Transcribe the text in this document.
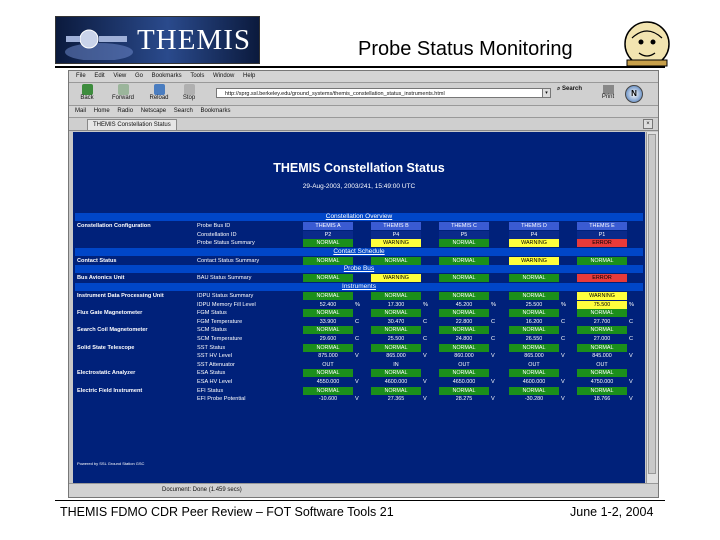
THEMIS	Probe Status Monitoring
File Edit View Go Bookmarks Tools Window Help
Back	Forward	Reload	Stop
http://sprg.ssl.berkeley.edu/ground_systems/themis_constellation_status_instruments.html	▾
⌕ Search
Print	N
Mail Home Radio Netscape Search Bookmarks
THEMIS Constellation Status	×
THEMIS Constellation Status
29-Aug-2003, 2003/241, 15:49:00 UTC
Constellation Overview
Constellation Configuration	Probe Bus ID	THEMIS A	THEMIS B	THEMIS C	THEMIS D	THEMIS E
Constellation ID	P2	P4	P5	P4	P1
Probe Status Summary	NORMAL	WARNING	NORMAL	WARNING	ERROR
Contact Schedule
Contact Status	Contact Status Summary	NORMAL	NORMAL	NORMAL	WARNING	NORMAL
Probe Bus
Bus Avionics Unit	BAU Status Summary	NORMAL	WARNING	NORMAL	NORMAL	ERROR
Instruments
Instrument Data Processing Unit	IDPU Status Summary	NORMAL	NORMAL	NORMAL	NORMAL	WARNING
IDPU Memory Fill Level	52.400	%	17.300	%	45.200	%	25.500	%	75.500	%
Flux Gate Magnetometer	FGM Status	NORMAL	NORMAL	NORMAL	NORMAL	NORMAL
FGM Temperature	33.900	C	30.470	C	22.800	C	16.200	C	27.700	C
Search Coil Magnetometer	SCM Status	NORMAL	NORMAL	NORMAL	NORMAL	NORMAL
SCM Temperature	29.600	C	25.500	C	24.800	C	26.550	C	27.000	C
Solid State Telescope	SST Status	NORMAL	NORMAL	NORMAL	NORMAL	NORMAL
SST HV Level	875.000	V	865.000	V	860.000	V	865.000	V	845.000	V
SST Attenuator	OUT	IN	OUT	OUT	OUT
Electrostatic Analyzer	ESA Status	NORMAL	NORMAL	NORMAL	NORMAL	NORMAL
ESA HV Level	4550.000	V	4600.000	V	4650.000	V	4600.000	V	4750.000	V
Electric Field Instrument	EFI Status	NORMAL	NORMAL	NORMAL	NORMAL	NORMAL
EFI Probe Potential	-10.600	V	27.365	V	28.275	V	-30.280	V	18.766	V
Powered by SSL Ground Station GSC
Document: Done (1.459 secs)
THEMIS FDMO CDR Peer Review – FOT Software Tools 21	June 1-2, 2004
